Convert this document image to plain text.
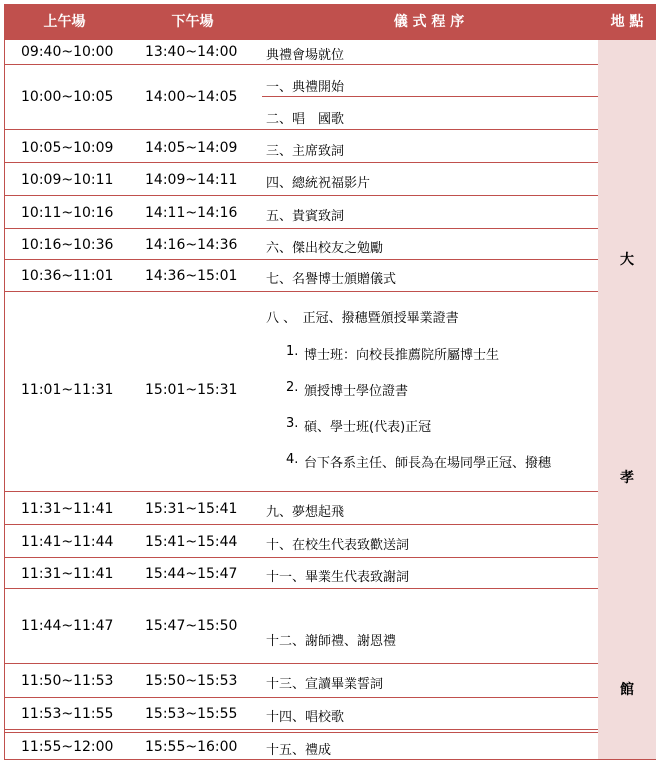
上午場	下午場	儀 式 程 序	地 點
大
孝
館
09:40~10:00 13:40~14:00 典禮會場就位
10:00~10:05 14:00~14:05
一、典禮開始
二、唱　國歌
10:05~10:09 14:05~14:09 三、主席致詞
10:09~10:11 14:09~14:11 四、總統祝福影片
10:11~10:16 14:11~14:16 五、貴賓致詞
10:16~10:36 14:16~14:36 六、傑出校友之勉勵
10:36~11:01 14:36~15:01 七、名譽博士頒贈儀式
11:01~11:31 15:01~15:31
八 、　正冠、撥穗暨頒授畢業證書
1. 博士班：向校長推薦院所屬博士生
2. 頒授博士學位證書
3. 碩、學士班(代表)正冠
4. 台下各系主任、師長為在場同學正冠、撥穗
11:31~11:41 15:31~15:41 九、夢想起飛
11:41~11:44 15:41~15:44 十、在校生代表致歡送詞
11:31~11:41 15:44~15:47 十一、畢業生代表致謝詞
11:44~11:47 15:47~15:50
十二、謝師禮、謝恩禮
11:50~11:53 15:50~15:53 十三、宣讀畢業誓詞
11:53~11:55 15:53~15:55 十四、唱校歌
11:55~12:00 15:55~16:00 十五、禮成
